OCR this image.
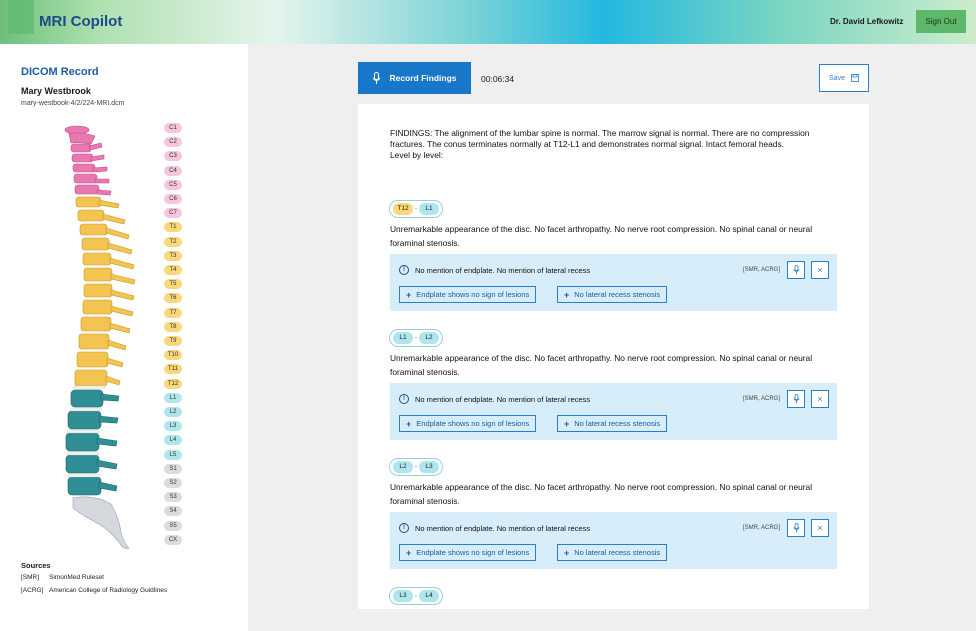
MRI Copilot	Dr. David Lefkowitz	Sign Out
DICOM Record
Mary Westbrook
mary-westbook-4/2/224-MRI.dcm
C1
C2
C3
C4
C5
C6
C7
T1
T2
T3
T4
T5
T6
T7
T8
T9
T10
T11
T12
L1
L2
L3
L4
L5
S1
S2
S3
S4
S5
CX
Sources
[SMR] SimonMed Ruleset
[ACRG] American College of Radiology Guidlines
Record Findings	00:06:34	Save
FINDINGS: The alignment of the lumbar spine is normal. The marrow signal is normal. There are no compression fractures. The conus terminates normally at T12-L1 and demonstrates normal signal. Intact femoral heads.
Level by level:
T12	-	L1
Unremarkable appearance of the disc. No facet arthropathy. No nerve root compression. No spinal canal or neural foraminal stenosis.
!	No mention of endplate. No mention of lateral recess	[SMR, ACRG]	×
+ Endplate shows no sign of lesions	+ No lateral recess stenosis
L1	-	L2
Unremarkable appearance of the disc. No facet arthropathy. No nerve root compression. No spinal canal or neural foraminal stenosis.
!	No mention of endplate. No mention of lateral recess	[SMR, ACRG]	×
+ Endplate shows no sign of lesions	+ No lateral recess stenosis
L2	-	L3
Unremarkable appearance of the disc. No facet arthropathy. No nerve root compression. No spinal canal or neural foraminal stenosis.
!	No mention of endplate. No mention of lateral recess	[SMR, ACRG]	×
+ Endplate shows no sign of lesions	+ No lateral recess stenosis
L3	-	L4
